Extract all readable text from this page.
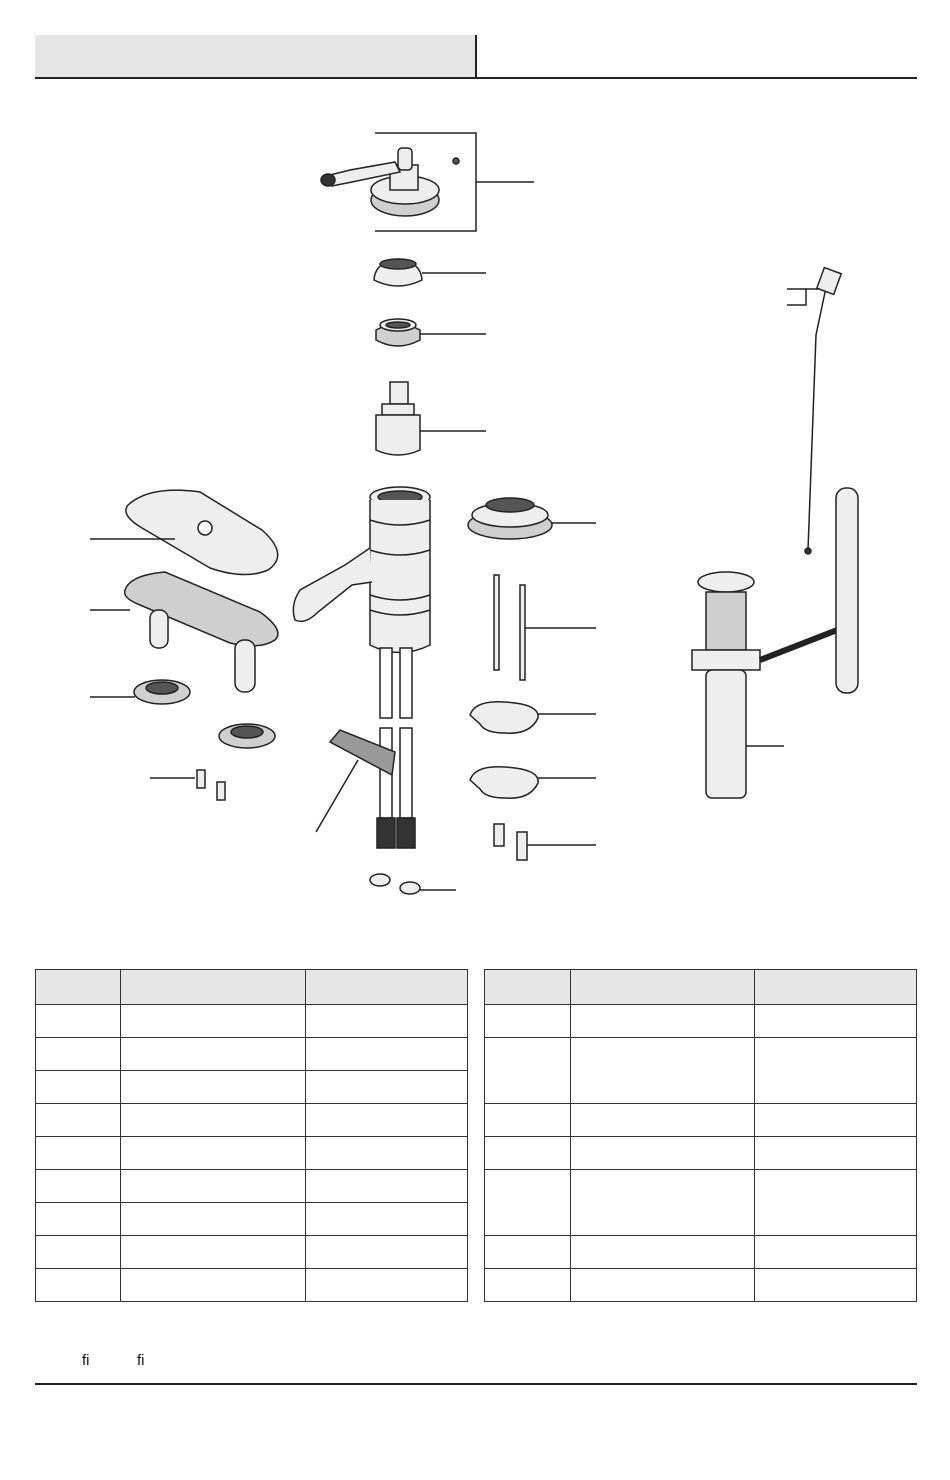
fi	fi
